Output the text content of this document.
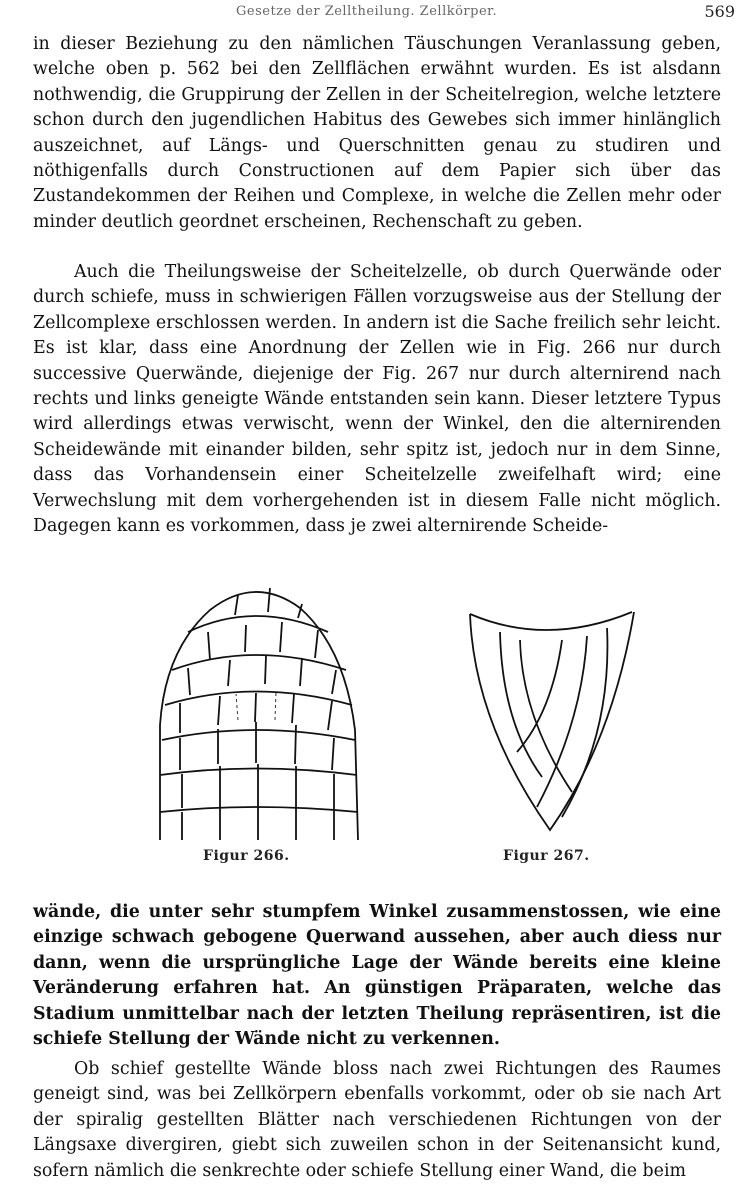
Gesetze der Zelltheilung. Zellkörper.	569

in dieser Beziehung zu den nämlichen Täuschungen Veranlassung geben, welche oben p. 562 bei den Zellflächen erwähnt wurden. Es ist alsdann nothwendig, die Gruppirung der Zellen in der Scheitelregion, welche letztere schon durch den jugendlichen Habitus des Gewebes sich immer hinlänglich auszeichnet, auf Längs- und Querschnitten genau zu studiren und nöthigenfalls durch Constructionen auf dem Papier sich über das Zustandekommen der Reihen und Complexe, in welche die Zellen mehr oder minder deutlich geordnet erscheinen, Rechenschaft zu geben.

Auch die Theilungsweise der Scheitelzelle, ob durch Querwände oder durch schiefe, muss in schwierigen Fällen vorzugsweise aus der Stellung der Zellcomplexe erschlossen werden. In andern ist die Sache freilich sehr leicht. Es ist klar, dass eine Anordnung der Zellen wie in Fig. 266 nur durch successive Querwände, diejenige der Fig. 267 nur durch alternirend nach rechts und links geneigte Wände entstanden sein kann. Dieser letztere Typus wird allerdings etwas verwischt, wenn der Winkel, den die alternirenden Scheidewände mit einander bilden, sehr spitz ist, jedoch nur in dem Sinne, dass das Vorhandensein einer Scheitelzelle zweifelhaft wird; eine Verwechslung mit dem vorhergehenden ist in diesem Falle nicht möglich. Dagegen kann es vorkommen, dass je zwei alternirende Scheide-

Figur 266.	Figur 267.

wände, die unter sehr stumpfem Winkel zusammenstossen, wie eine einzige schwach gebogene Querwand aussehen, aber auch diess nur dann, wenn die ursprüngliche Lage der Wände bereits eine kleine Veränderung erfahren hat. An günstigen Präparaten, welche das Stadium unmittelbar nach der letzten Theilung repräsentiren, ist die schiefe Stellung der Wände nicht zu verkennen.

Ob schief gestellte Wände bloss nach zwei Richtungen des Raumes geneigt sind, was bei Zellkörpern ebenfalls vorkommt, oder ob sie nach Art der spiralig gestellten Blätter nach verschiedenen Richtungen von der Längsaxe divergiren, giebt sich zuweilen schon in der Seitenansicht kund, sofern nämlich die senkrechte oder schiefe Stellung einer Wand, die beim
